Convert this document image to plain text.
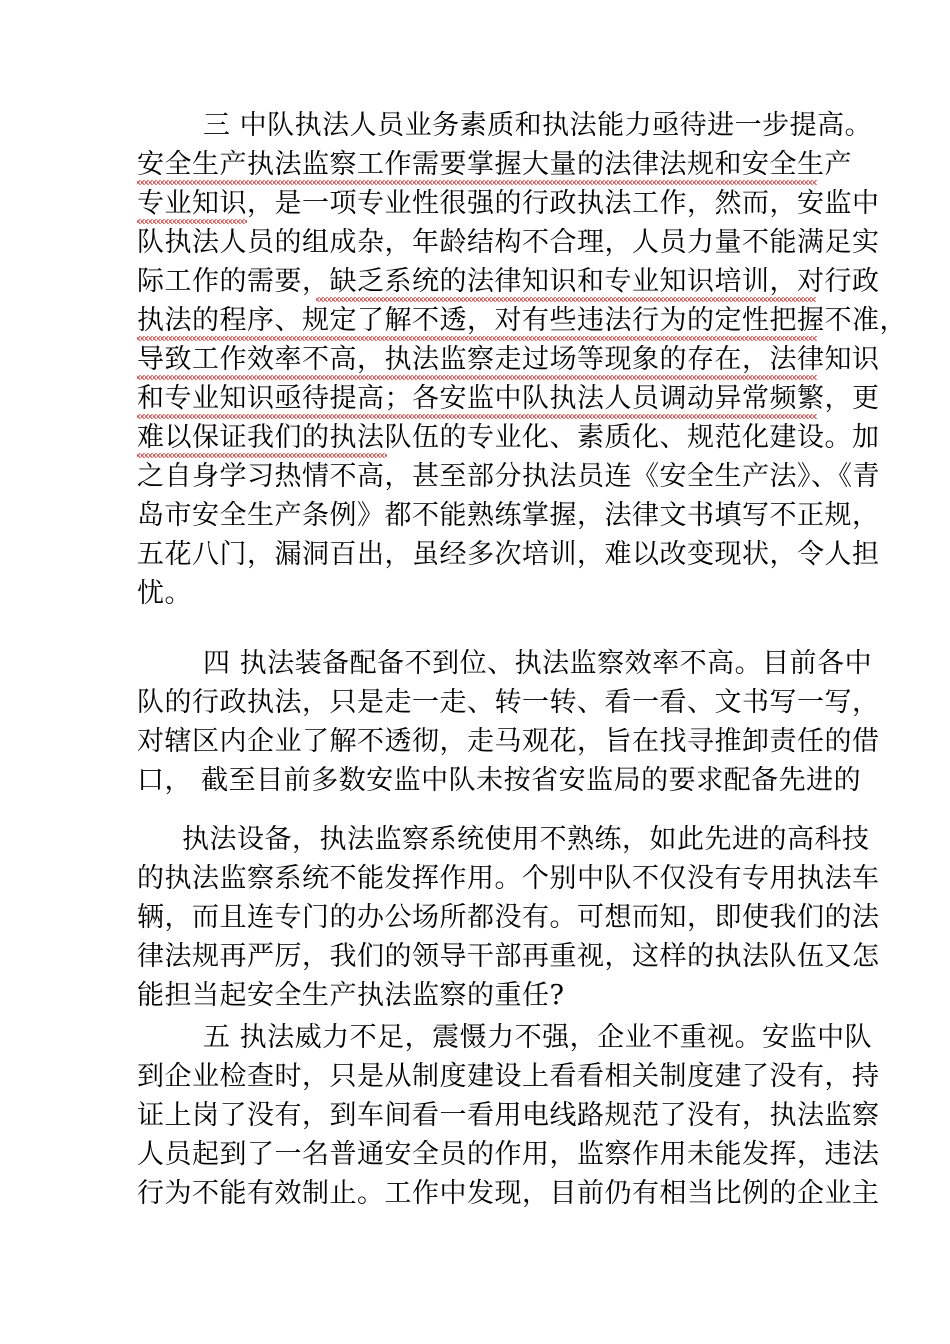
三 中队执法人员业务素质和执法能力亟待进一步提高。
安全生产执法监察工作需要掌握大量的法律法规和安全生产
专业知识，是一项专业性很强的行政执法工作，然而，安监中
队执法人员的组成杂，年龄结构不合理，人员力量不能满足实
际工作的需要，缺乏系统的法律知识和专业知识培训，对行政
执法的程序、规定了解不透，对有些违法行为的定性把握不准，
导致工作效率不高，执法监察走过场等现象的存在，法律知识
和专业知识亟待提高；各安监中队执法人员调动异常频繁，更
难以保证我们的执法队伍的专业化、素质化、规范化建设。加
之自身学习热情不高，甚至部分执法员连《安全生产法》、《青
岛市安全生产条例》都不能熟练掌握，法律文书填写不正规，
五花八门，漏洞百出，虽经多次培训，难以改变现状，令人担
忧。
四 执法装备配备不到位、执法监察效率不高。目前各中
队的行政执法，只是走一走、转一转、看一看、文书写一写，
对辖区内企业了解不透彻，走马观花，旨在找寻推卸责任的借
口， 截至目前多数安监中队未按省安监局的要求配备先进的
执法设备，执法监察系统使用不熟练，如此先进的高科技
的执法监察系统不能发挥作用。个别中队不仅没有专用执法车
辆，而且连专门的办公场所都没有。可想而知，即使我们的法
律法规再严厉，我们的领导干部再重视，这样的执法队伍又怎
能担当起安全生产执法监察的重任?
五 执法威力不足，震慑力不强，企业不重视。安监中队
到企业检查时，只是从制度建设上看看相关制度建了没有，持
证上岗了没有，到车间看一看用电线路规范了没有，执法监察
人员起到了一名普通安全员的作用，监察作用未能发挥，违法
行为不能有效制止。工作中发现，目前仍有相当比例的企业主
